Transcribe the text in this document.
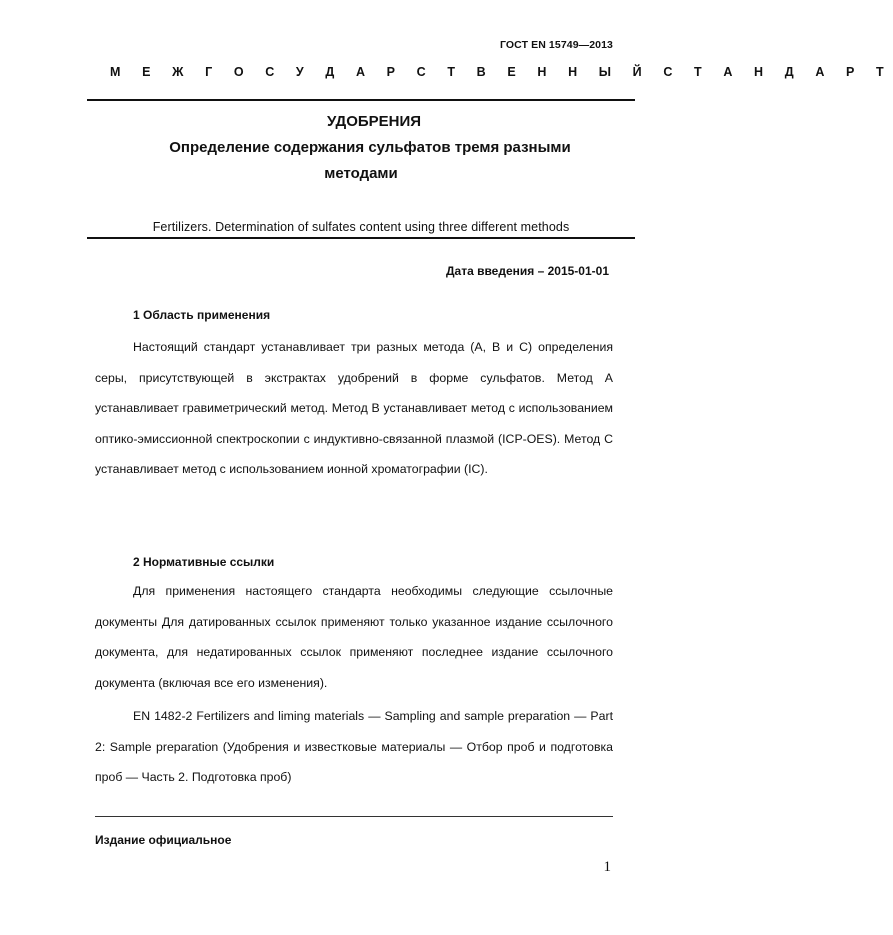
ГОСТ EN 15749—2013
М Е Ж Г О С У Д А Р С Т В Е Н Н Ы Й С Т А Н Д А Р Т
УДОБРЕНИЯ
Определение содержания сульфатов тремя разными
методами
Fertilizers. Determination of sulfates content using three different methods
Дата введения – 2015-01-01
1 Область применения

Настоящий стандарт устанавливает три разных метода (А, В и С) определения серы, присутствующей в экстрактах удобрений в форме сульфатов. Метод А устанавливает гравиметрический метод. Метод В устанавливает метод с использованием оптико-эмиссионной спектроскопии с индуктивно-связанной плазмой (ICP-OES). Метод С устанавливает метод с использованием ионной хроматографии (IC).

2 Нормативные ссылки

Для применения настоящего стандарта необходимы следующие ссылочные документы Для датированных ссылок применяют только указанное издание ссылочного документа, для недатированных ссылок применяют последнее издание ссылочного документа (включая все его изменения).

EN 1482-2 Fertilizers and liming materials — Sampling and sample preparation — Part 2: Sample preparation (Удобрения и известковые материалы — Отбор проб и подготовка проб — Часть 2. Подготовка проб)

Издание официальное
1
